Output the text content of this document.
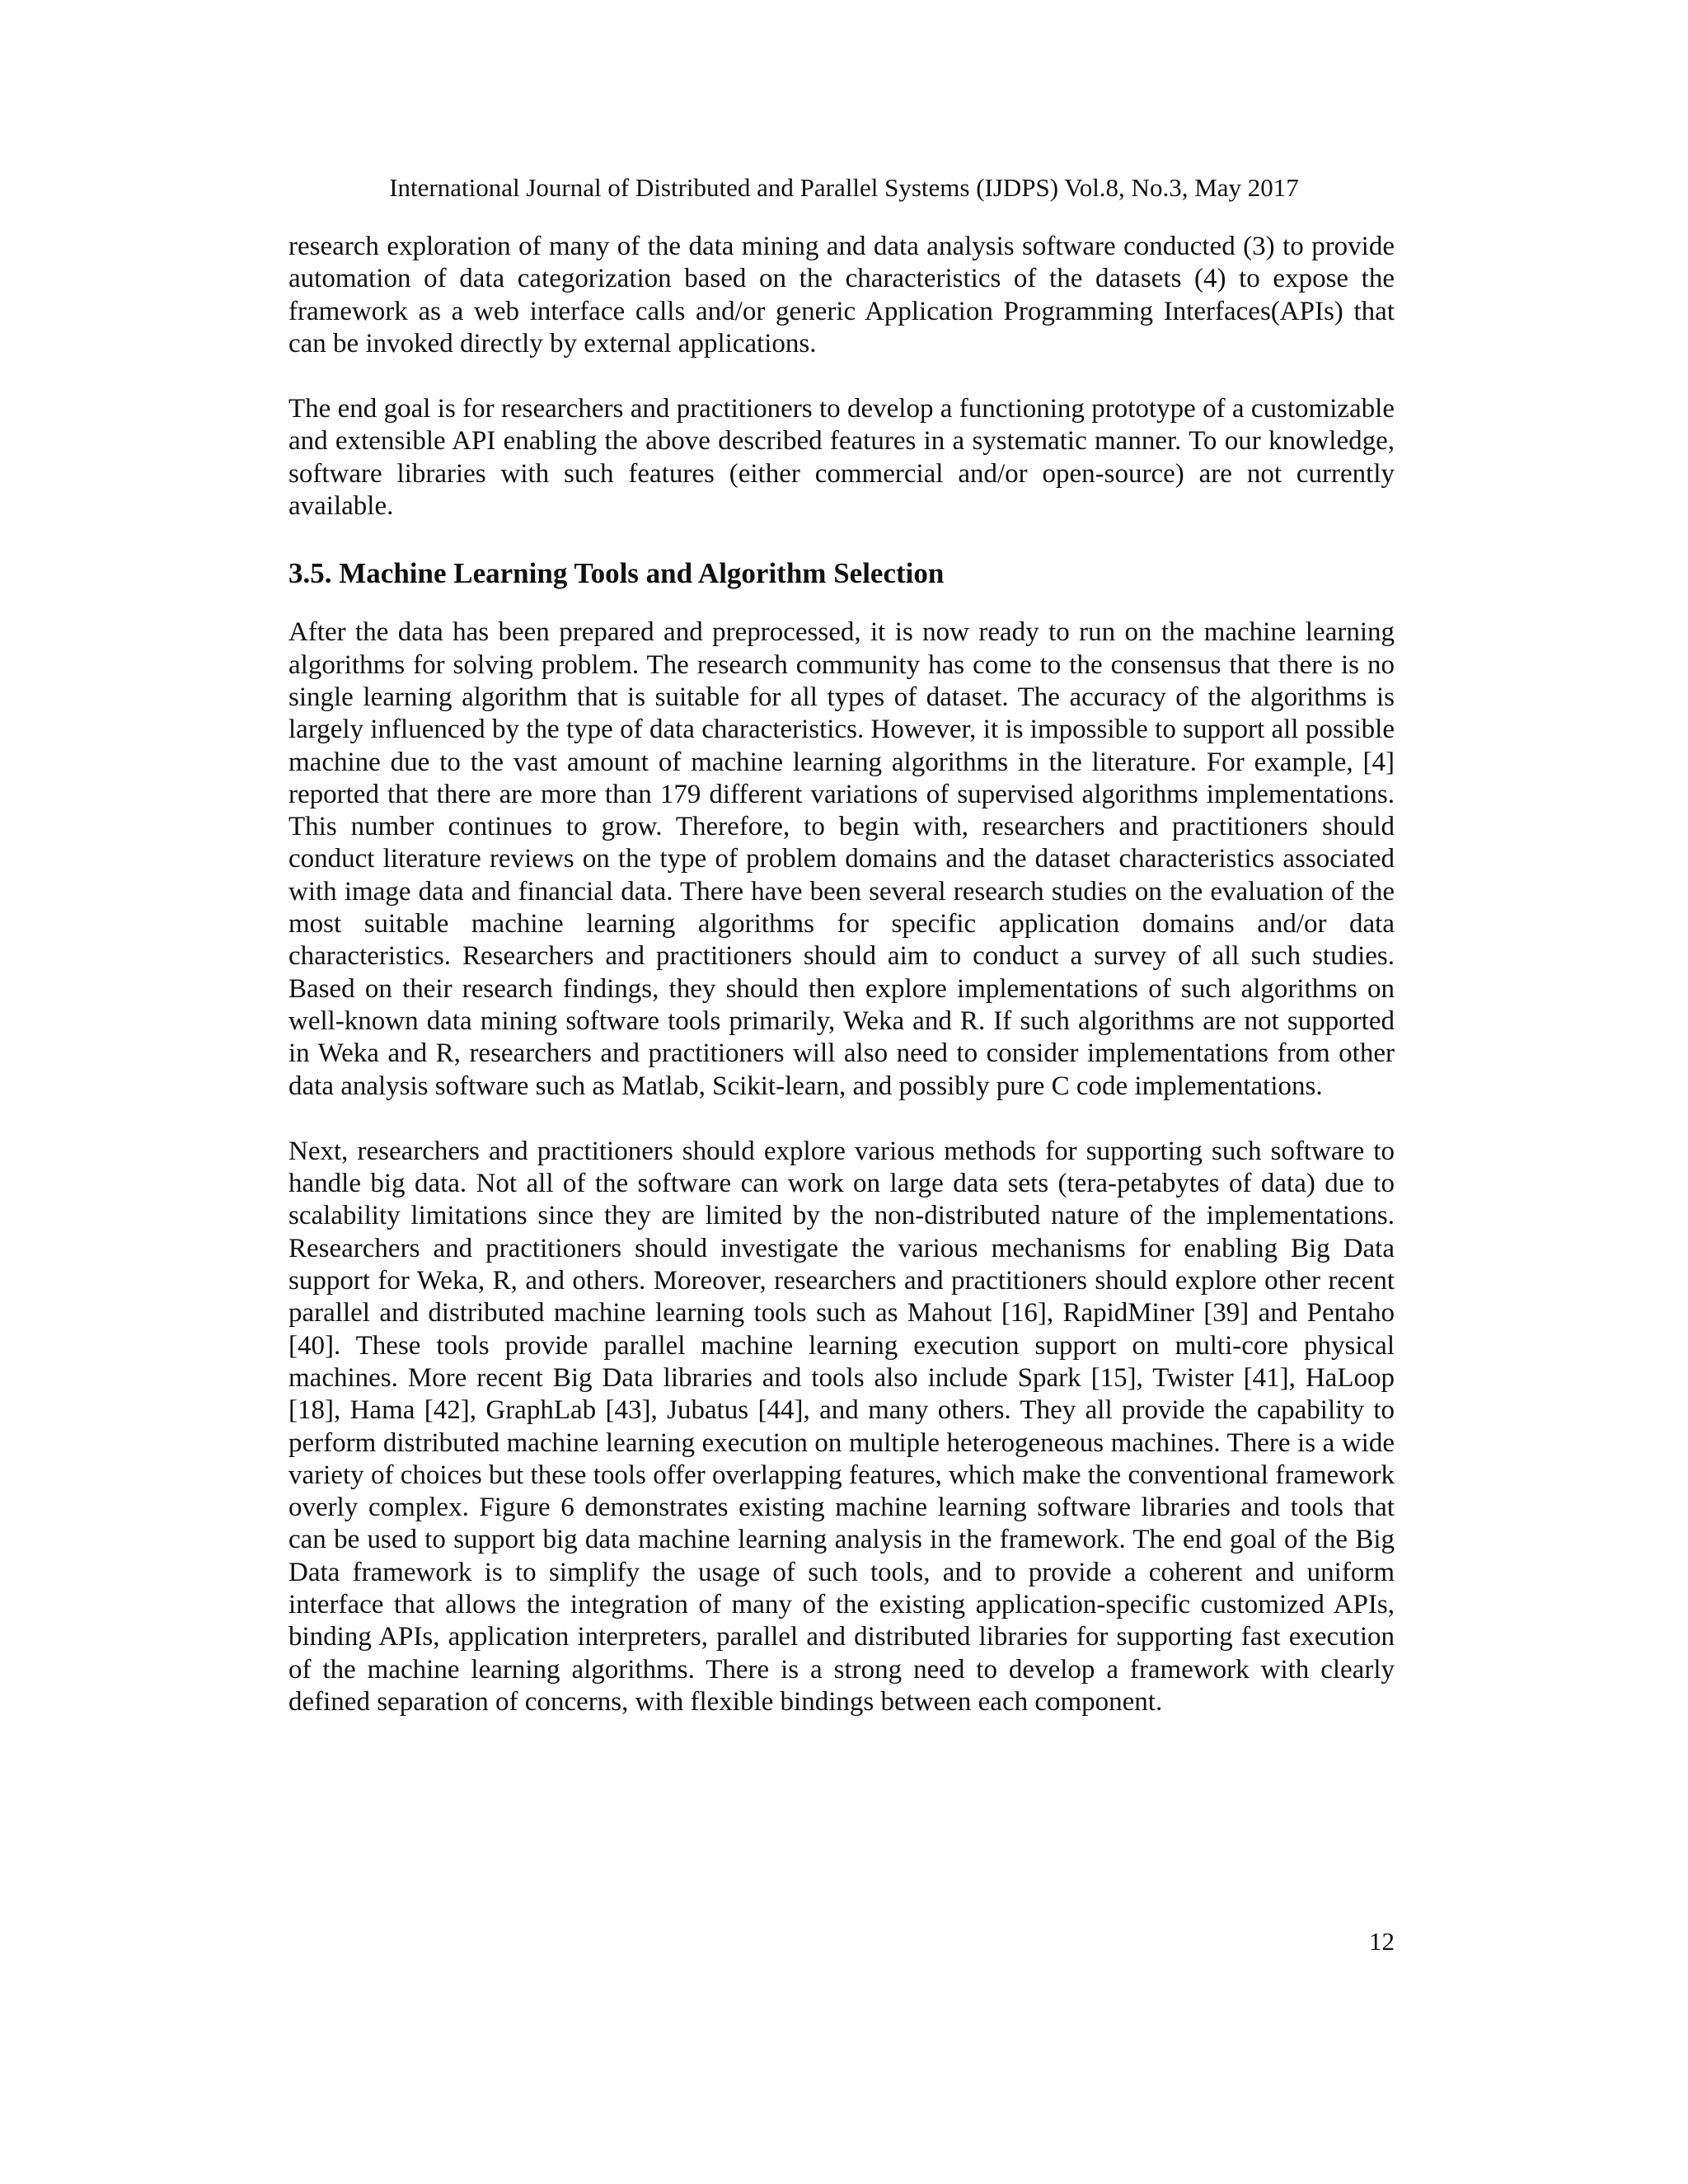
International Journal of Distributed and Parallel Systems (IJDPS) Vol.8, No.3, May 2017

research exploration of many of the data mining and data analysis software conducted (3) to provide automation of data categorization based on the characteristics of the datasets (4) to expose the framework as a web interface calls and/or generic Application Programming Interfaces(APIs) that can be invoked directly by external applications.

The end goal is for researchers and practitioners to develop a functioning prototype of a customizable and extensible API enabling the above described features in a systematic manner. To our knowledge, software libraries with such features (either commercial and/or open-source) are not currently available.

3.5. Machine Learning Tools and Algorithm Selection

After the data has been prepared and preprocessed, it is now ready to run on the machine learning algorithms for solving problem. The research community has come to the consensus that there is no single learning algorithm that is suitable for all types of dataset. The accuracy of the algorithms is largely influenced by the type of data characteristics. However, it is impossible to support all possible machine due to the vast amount of machine learning algorithms in the literature. For example, [4] reported that there are more than 179 different variations of supervised algorithms implementations. This number continues to grow. Therefore, to begin with, researchers and practitioners should conduct literature reviews on the type of problem domains and the dataset characteristics associated with image data and financial data. There have been several research studies on the evaluation of the most suitable machine learning algorithms for specific application domains and/or data characteristics. Researchers and practitioners should aim to conduct a survey of all such studies. Based on their research findings, they should then explore implementations of such algorithms on well-known data mining software tools primarily, Weka and R. If such algorithms are not supported in Weka and R, researchers and practitioners will also need to consider implementations from other data analysis software such as Matlab, Scikit-learn, and possibly pure C code implementations.

Next, researchers and practitioners should explore various methods for supporting such software to handle big data. Not all of the software can work on large data sets (tera-petabytes of data) due to scalability limitations since they are limited by the non-distributed nature of the implementations. Researchers and practitioners should investigate the various mechanisms for enabling Big Data support for Weka, R, and others. Moreover, researchers and practitioners should explore other recent parallel and distributed machine learning tools such as Mahout [16], RapidMiner [39] and Pentaho [40]. These tools provide parallel machine learning execution support on multi-core physical machines. More recent Big Data libraries and tools also include Spark [15], Twister [41], HaLoop [18], Hama [42], GraphLab [43], Jubatus [44], and many others. They all provide the capability to perform distributed machine learning execution on multiple heterogeneous machines. There is a wide variety of choices but these tools offer overlapping features, which make the conventional framework overly complex. Figure 6 demonstrates existing machine learning software libraries and tools that can be used to support big data machine learning analysis in the framework. The end goal of the Big Data framework is to simplify the usage of such tools, and to provide a coherent and uniform interface that allows the integration of many of the existing application-specific customized APIs, binding APIs, application interpreters, parallel and distributed libraries for supporting fast execution of the machine learning algorithms. There is a strong need to develop a framework with clearly defined separation of concerns, with flexible bindings between each component.

12
